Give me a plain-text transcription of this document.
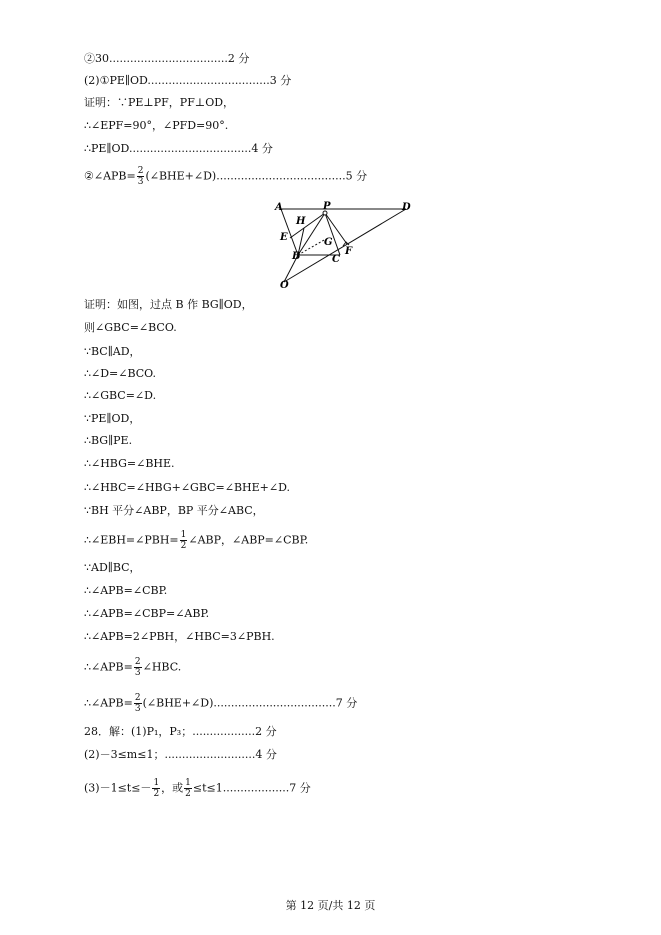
②30..................................2 分
(2)①PE∥OD...................................3 分
证明：∵PE⊥PF，PF⊥OD，
∴∠EPF=90°，∠PFD=90°.
∴PE∥OD...................................4 分
②∠APB= $\frac{2}{3}$ (∠BHE+∠D).....................................5 分
A	P	D
H
E	G
B	F
C
O
证明：如图，过点 B 作 BG∥OD，
则∠GBC=∠BCO.
∵BC∥AD，
∴∠D=∠BCO.
∴∠GBC=∠D.
∵PE∥OD，
∴BG∥PE.
∴∠HBG=∠BHE.
∴∠HBC=∠HBG+∠GBC=∠BHE+∠D.
∵BH 平分∠ABP，BP 平分∠ABC，
∴∠EBH=∠PBH= $\frac{1}{2}$ ∠ABP，∠ABP=∠CBP.
∵AD∥BC，
∴∠APB=∠CBP.
∴∠APB=∠CBP=∠ABP.
∴∠APB=2∠PBH，∠HBC=3∠PBH.
∴∠APB= $\frac{2}{3}$ ∠HBC.
∴∠APB= $\frac{2}{3}$ (∠BHE+∠D)...................................7 分
28．解：(1)P₁，P₃；..................2 分
(2)－3≤m≤1；..........................4 分
$(3)-1\le t\le- \frac{1}{2}$ ，或 $\frac{1}{2} \le t\le 1...................7$ 分
第 12 页/共 12 页
